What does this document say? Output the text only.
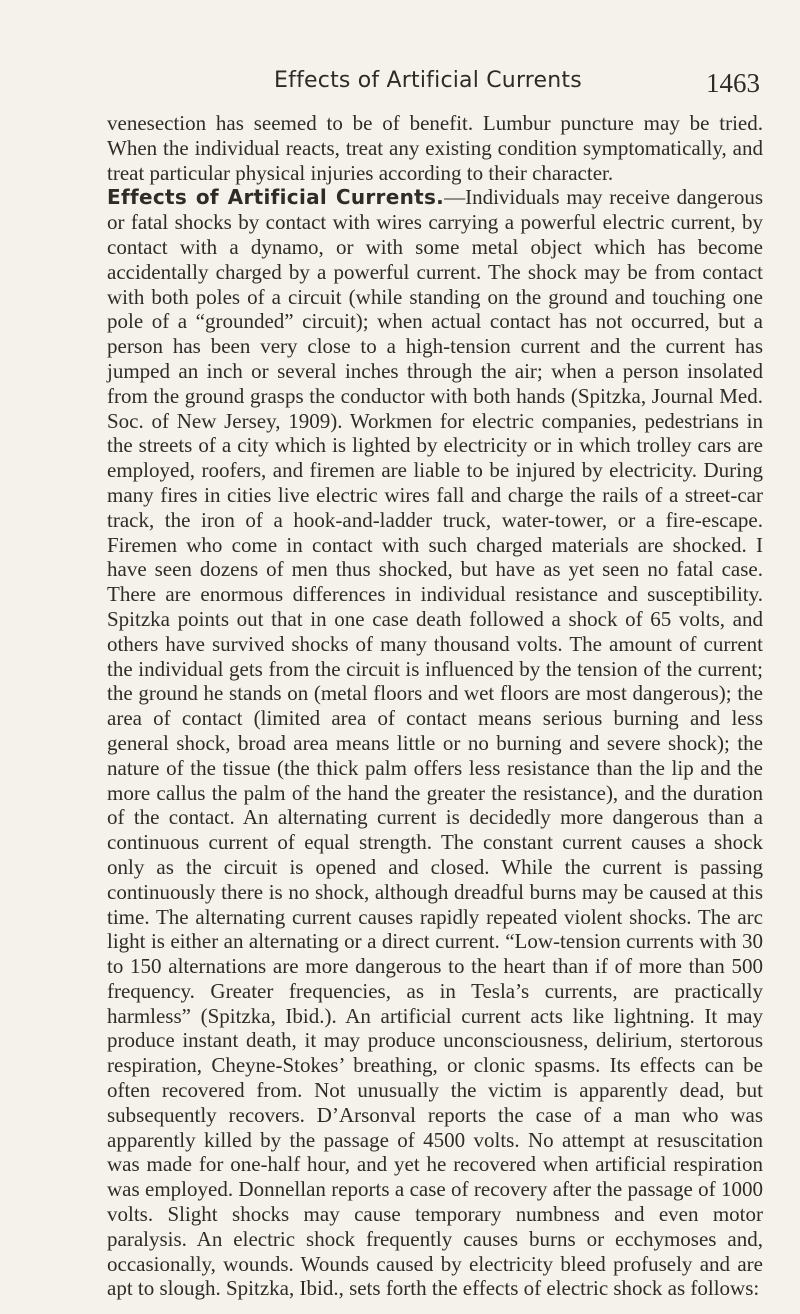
Effects of Artificial Currents	1463

venesection has seemed to be of benefit. Lumbur puncture may be tried. When the individual reacts, treat any existing condition symptomatically, and treat particular physical injuries according to their character.

Effects of Artificial Currents.—Individuals may receive dangerous or fatal shocks by contact with wires carrying a powerful electric current, by contact with a dynamo, or with some metal object which has become accidentally charged by a powerful current. The shock may be from contact with both poles of a circuit (while standing on the ground and touching one pole of a “grounded” circuit); when actual contact has not occurred, but a person has been very close to a high-tension current and the current has jumped an inch or several inches through the air; when a person insolated from the ground grasps the conductor with both hands (Spitzka, Journal Med. Soc. of New Jersey, 1909). Workmen for electric companies, pedestrians in the streets of a city which is lighted by electricity or in which trolley cars are employed, roofers, and firemen are liable to be injured by electricity. During many fires in cities live electric wires fall and charge the rails of a street-car track, the iron of a hook-and-ladder truck, water-tower, or a fire-escape. Firemen who come in contact with such charged materials are shocked. I have seen dozens of men thus shocked, but have as yet seen no fatal case. There are enormous differences in individual resistance and susceptibility. Spitzka points out that in one case death followed a shock of 65 volts, and others have survived shocks of many thousand volts. The amount of current the individual gets from the circuit is influenced by the tension of the current; the ground he stands on (metal floors and wet floors are most dangerous); the area of contact (limited area of contact means serious burning and less general shock, broad area means little or no burning and severe shock); the nature of the tissue (the thick palm offers less resistance than the lip and the more callus the palm of the hand the greater the resistance), and the duration of the contact. An alternating current is decidedly more dangerous than a continuous current of equal strength. The constant current causes a shock only as the circuit is opened and closed. While the current is passing continuously there is no shock, although dreadful burns may be caused at this time. The alternating current causes rapidly repeated violent shocks. The arc light is either an alternating or a direct current. “Low-tension currents with 30 to 150 alternations are more dangerous to the heart than if of more than 500 frequency. Greater frequencies, as in Tesla’s currents, are practically harmless” (Spitzka, Ibid.). An artificial current acts like lightning. It may produce instant death, it may produce unconsciousness, delirium, stertorous respiration, Cheyne-Stokes’ breathing, or clonic spasms. Its effects can be often recovered from. Not unusually the victim is apparently dead, but subsequently recovers. D’Arsonval reports the case of a man who was apparently killed by the passage of 4500 volts. No attempt at resuscitation was made for one-half hour, and yet he recovered when artificial respiration was employed. Donnellan reports a case of recovery after the passage of 1000 volts. Slight shocks may cause temporary numbness and even motor paralysis. An electric shock frequently causes burns or ecchymoses and, occasionally, wounds. Wounds caused by electricity bleed profusely and are apt to slough. Spitzka, Ibid., sets forth the effects of electric shock as follows:
